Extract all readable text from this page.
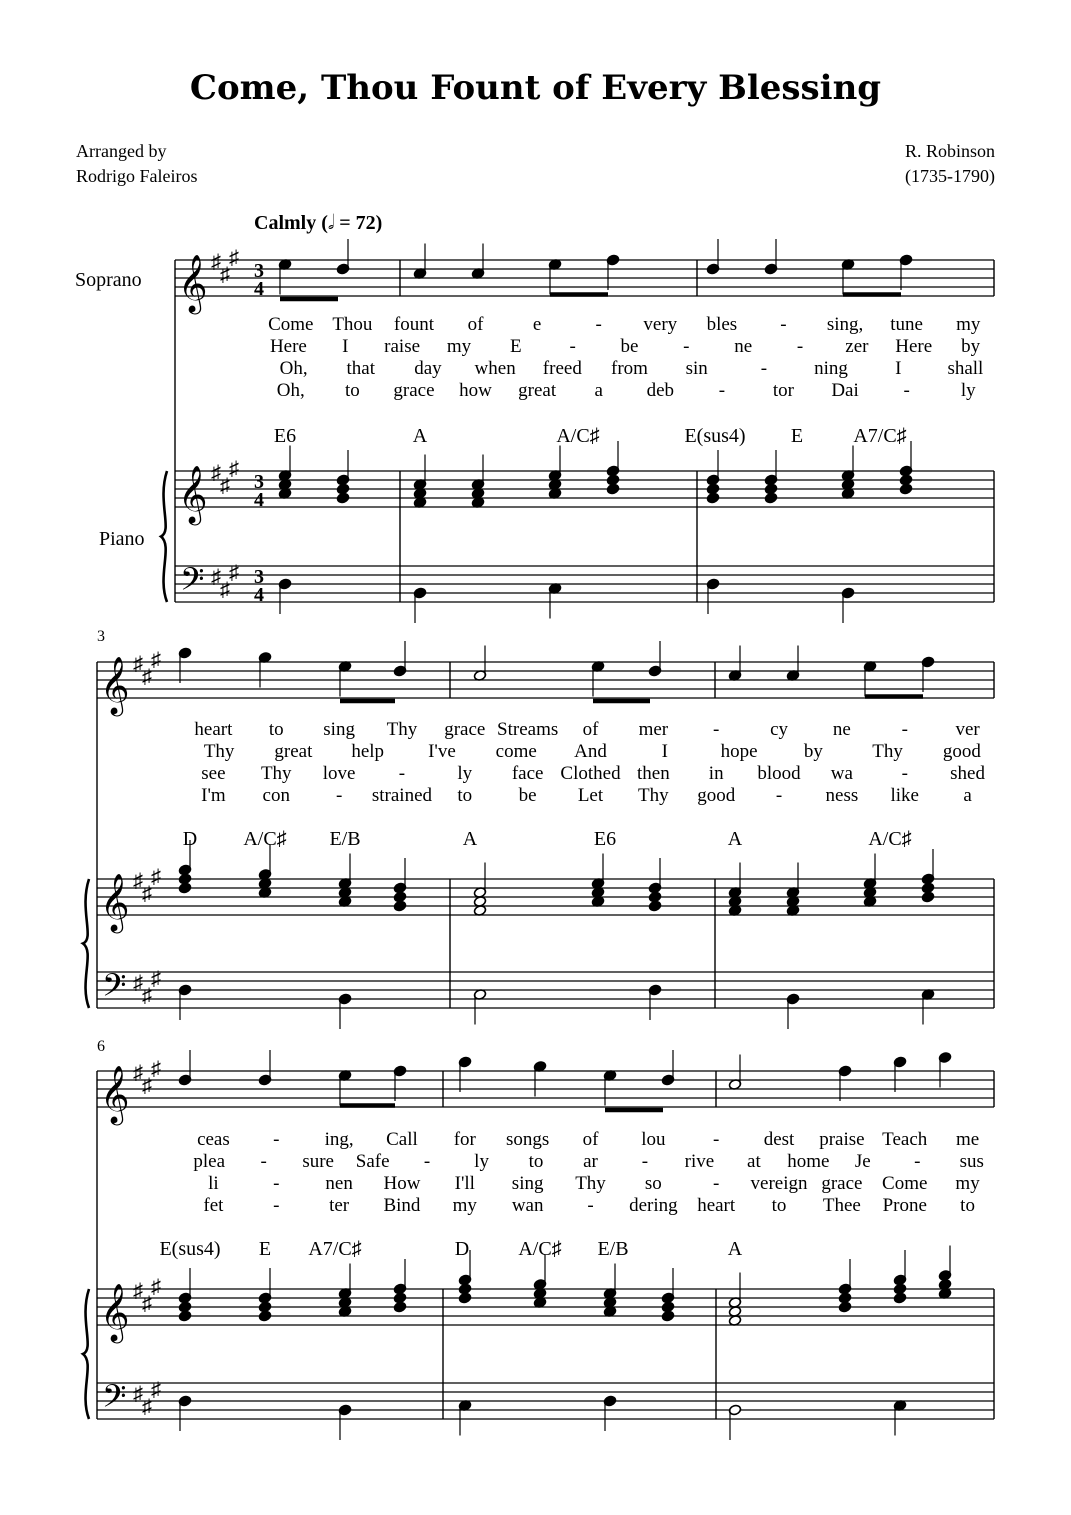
Come, Thou Fount of Every Blessing
Arranged by
Rodrigo Faleiros
R. Robinson
(1735-1790)
Calmly (𝅗𝅥 = 72)
Soprano
Piano
3
6
𝄞 ♯
♯
♯
𝄞 ♯
♯
♯
𝄢 ♯
♯
♯
3
4
3
4
3
4
Come Thou fount of	e	- very bles - sing, tune my
Here I raise my E	- be - ne - zer Here by
Oh, that day when freed from sin	- ning I shall
Oh, to grace how great a deb -	tor Dai -	ly
E6	A	A/C♯	E(sus4) E	A7/C♯
𝄞 ♯
♯
♯
𝄞 ♯
♯
♯
𝄢 ♯
♯
♯
heart to sing Thy grace Streams of mer -	cy ne	-	ver
Thy great help I've come And	I	hope by	Thy good
see Thy love -	ly face Clothed then in blood wa	- shed
I'm con - strained to be Let Thy good - ness like a
D A/C♯ E/B	A	E6	A	A/C♯
𝄞 ♯
♯
♯
𝄞 ♯
♯
♯
𝄢 ♯
♯
♯
ceas - ing, Call for songs of lou	- dest praise Teach me
plea - sure Safe - ly to ar - rive at home Je - sus
li	- nen How I'll sing Thy so	- vereign grace Come my
fet	-	ter Bind my wan - dering heart to Thee Prone to
E(sus4) E A7/C♯	D A/C♯ E/B	A
